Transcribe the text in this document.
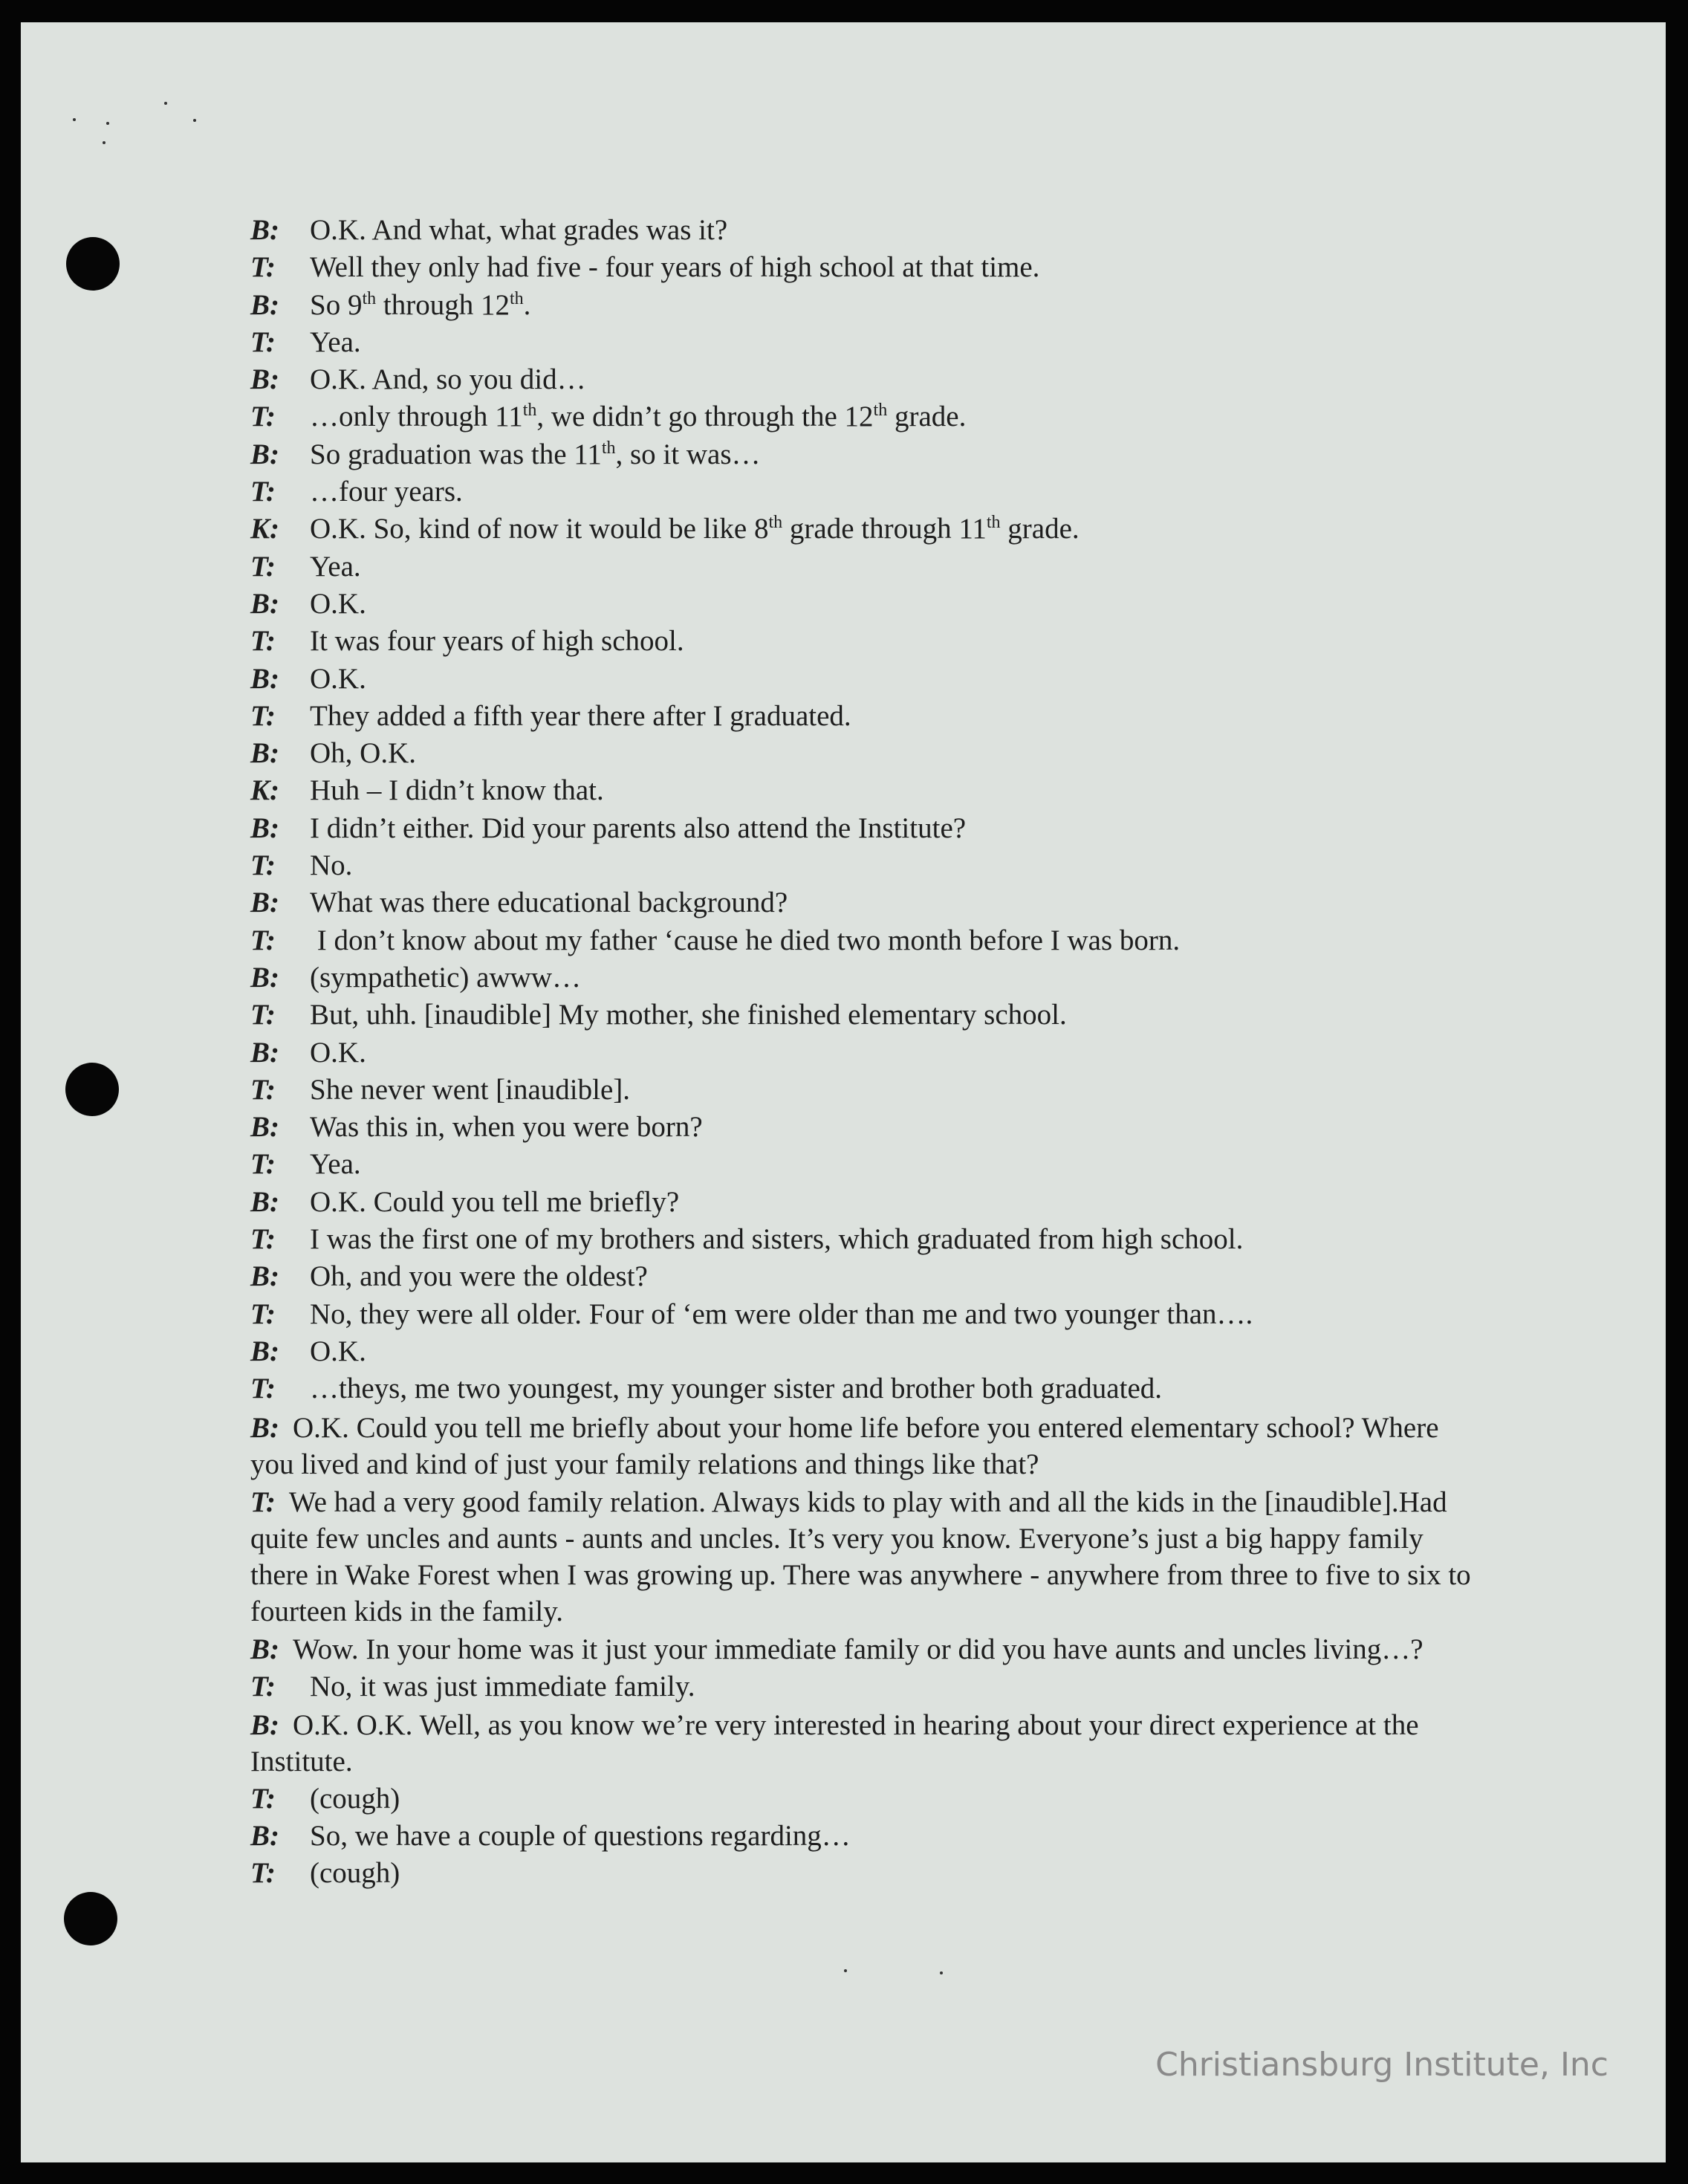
B: O.K. And what, what grades was it?
T: Well they only had five - four years of high school at that time.
B: So 9th through 12th.
T: Yea.
B: O.K. And, so you did…
T: …only through 11th, we didn’t go through the 12th grade.
B: So graduation was the 11th, so it was…
T: …four years.
K: O.K. So, kind of now it would be like 8th grade through 11th grade.
T: Yea.
B: O.K.
T: It was four years of high school.
B: O.K.
T: They added a fifth year there after I graduated.
B: Oh, O.K.
K: Huh – I didn’t know that.
B: I didn’t either. Did your parents also attend the Institute?
T: No.
B: What was there educational background?
T: I don’t know about my father ‘cause he died two month before I was born.
B: (sympathetic) awww…
T: But, uhh. [inaudible] My mother, she finished elementary school.
B: O.K.
T: She never went [inaudible].
B: Was this in, when you were born?
T: Yea.
B: O.K. Could you tell me briefly?
T: I was the first one of my brothers and sisters, which graduated from high school.
B: Oh, and you were the oldest?
T: No, they were all older. Four of ‘em were older than me and two younger than….
B: O.K.
T: …theys, me two youngest, my younger sister and brother both graduated.
B: O.K. Could you tell me briefly about your home life before you entered elementary school? Where you lived and kind of just your family relations and things like that?
T: We had a very good family relation. Always kids to play with and all the kids in the [inaudible].Had quite few uncles and aunts - aunts and uncles. It’s very you know. Everyone’s just a big happy family there in Wake Forest when I was growing up. There was anywhere - anywhere from three to five to six to fourteen kids in the family.
B: Wow. In your home was it just your immediate family or did you have aunts and uncles living…?
T: No, it was just immediate family.
B: O.K. O.K. Well, as you know we’re very interested in hearing about your direct experience at the Institute.
T: (cough)
B: So, we have a couple of questions regarding…
T: (cough)
Christiansburg Institute, Inc
